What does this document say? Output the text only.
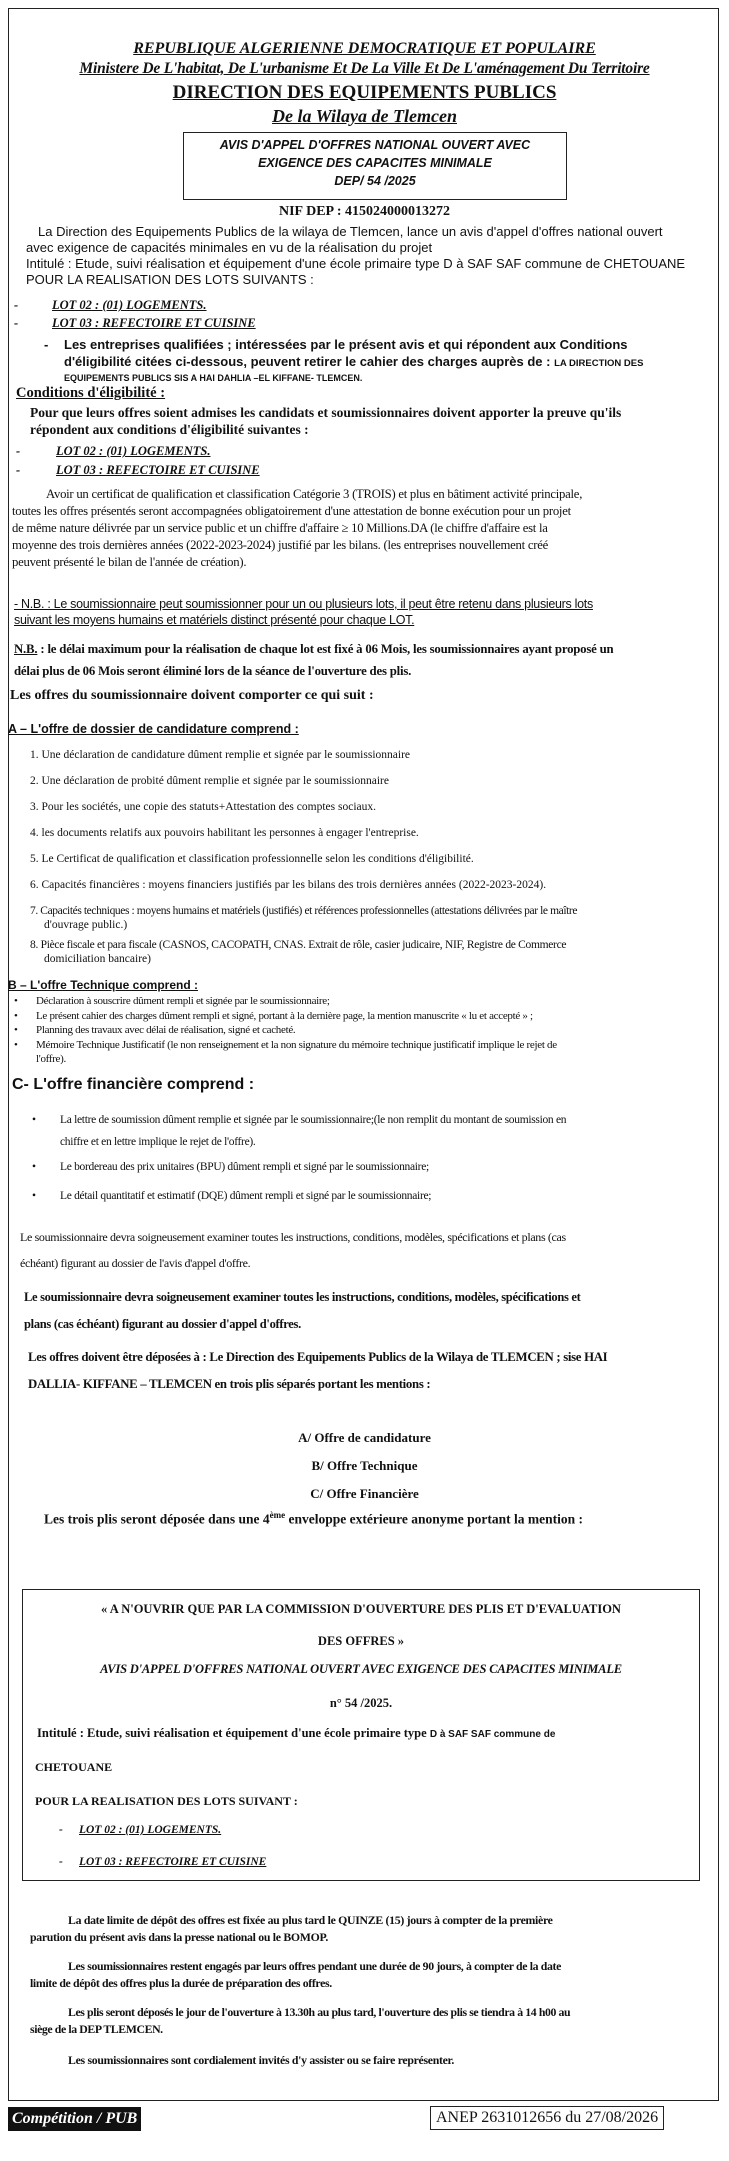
REPUBLIQUE ALGERIENNE DEMOCRATIQUE ET POPULAIRE
Ministere De L'habitat, De L'urbanisme Et De La Ville Et De L'aménagement Du Territoire
DIRECTION DES EQUIPEMENTS PUBLICS
De la Wilaya de Tlemcen
AVIS D'APPEL D'OFFRES NATIONAL OUVERT AVEC
EXIGENCE DES CAPACITES MINIMALE
DEP/ 54 /2025
NIF DEP : 415024000013272
La Direction des Equipements Publics de la wilaya de Tlemcen, lance un avis d'appel d'offres national ouvert
avec exigence de capacités minimales en vu de la réalisation du projet
Intitulé : Etude, suivi réalisation et équipement d'une école primaire type D à SAF SAF commune de CHETOUANE
POUR LA REALISATION DES LOTS SUIVANTS :
-	LOT 02 : (01) LOGEMENTS.
-	LOT 03 : REFECTOIRE ET CUISINE
- Les entreprises qualifiées ; intéressées par le présent avis et qui répondent aux Conditions
d'éligibilité citées ci-dessous, peuvent retirer le cahier des charges auprès de : LA DIRECTION DES
EQUIPEMENTS PUBLICS SIS A HAI DAHLIA –EL KIFFANE- TLEMCEN.
Conditions d'éligibilité :
Pour que leurs offres soient admises les candidats et soumissionnaires doivent apporter la preuve qu'ils
répondent aux conditions d'éligibilité suivantes :
-	LOT 02 : (01) LOGEMENTS.
-	LOT 03 : REFECTOIRE ET CUISINE
Avoir un certificat de qualification et classification Catégorie 3 (TROIS) et plus en bâtiment activité principale,
toutes les offres présentés seront accompagnées obligatoirement d'une attestation de bonne exécution pour un projet
de même nature délivrée par un service public et un chiffre d'affaire ≥ 10 Millions.DA (le chiffre d'affaire est la
moyenne des trois dernières années (2022-2023-2024) justifié par les bilans. (les entreprises nouvellement créé
peuvent présenté le bilan de l'année de création).
- N.B. : Le soumissionnaire peut soumissionner pour un ou plusieurs lots, il peut être retenu dans plusieurs lots
suivant les moyens humains et matériels distinct présenté pour chaque LOT.
N.B. : le délai maximum pour la réalisation de chaque lot est fixé à 06 Mois, les soumissionnaires ayant proposé un
délai plus de 06 Mois seront éliminé lors de la séance de l'ouverture des plis.
Les offres du soumissionnaire doivent comporter ce qui suit :
A – L'offre de dossier de candidature comprend :
1. Une déclaration de candidature dûment remplie et signée par le soumissionnaire
2. Une déclaration de probité dûment remplie et signée par le soumissionnaire
3. Pour les sociétés, une copie des statuts+Attestation des comptes sociaux.
4. les documents relatifs aux pouvoirs habilitant les personnes à engager l'entreprise.
5. Le Certificat de qualification et classification professionnelle selon les conditions d'éligibilité.
6. Capacités financières : moyens financiers justifiés par les bilans des trois dernières années (2022-2023-2024).
7. Capacités techniques : moyens humains et matériels (justifiés) et références professionnelles (attestations délivrées par le maître
d'ouvrage public.)
8. Pièce fiscale et para fiscale (CASNOS, CACOPATH, CNAS. Extrait de rôle, casier judicaire, NIF, Registre de Commerce
domiciliation bancaire)
B – L'offre Technique comprend :
• Déclaration à souscrire dûment rempli et signée par le soumissionnaire;
• Le présent cahier des charges dûment rempli et signé, portant à la dernière page, la mention manuscrite « lu et accepté » ;
• Planning des travaux avec délai de réalisation, signé et cacheté.
• Mémoire Technique Justificatif (le non renseignement et la non signature du mémoire technique justificatif implique le rejet de
l'offre).
C- L'offre financière comprend :
• La lettre de soumission dûment remplie et signée par le soumissionnaire;(le non remplit du montant de soumission en
chiffre et en lettre implique le rejet de l'offre).
• Le bordereau des prix unitaires (BPU) dûment rempli et signé par le soumissionnaire;
• Le détail quantitatif et estimatif (DQE) dûment rempli et signé par le soumissionnaire;
Le soumissionnaire devra soigneusement examiner toutes les instructions, conditions, modèles, spécifications et plans (cas
échéant) figurant au dossier de l'avis d'appel d'offre.
Le soumissionnaire devra soigneusement examiner toutes les instructions, conditions, modèles, spécifications et
plans (cas échéant) figurant au dossier d'appel d'offres.
Les offres doivent être déposées à : Le Direction des Equipements Publics de la Wilaya de TLEMCEN ; sise HAI
DALLIA- KIFFANE – TLEMCEN en trois plis séparés portant les mentions :
A/ Offre de candidature
B/ Offre Technique
C/ Offre Financière
Les trois plis seront déposée dans une 4ème enveloppe extérieure anonyme portant la mention :
« A N'OUVRIR QUE PAR LA COMMISSION D'OUVERTURE DES PLIS ET D'EVALUATION
DES OFFRES »
AVIS D'APPEL D'OFFRES NATIONAL OUVERT AVEC EXIGENCE DES CAPACITES MINIMALE
n° 54 /2025.
Intitulé : Etude, suivi réalisation et équipement d'une école primaire type D à SAF SAF commune de
CHETOUANE
POUR LA REALISATION DES LOTS SUIVANT :
- LOT 02 : (01) LOGEMENTS.
- LOT 03 : REFECTOIRE ET CUISINE
La date limite de dépôt des offres est fixée au plus tard le QUINZE (15) jours à compter de la première
parution du présent avis dans la presse national ou le BOMOP.
Les soumissionnaires restent engagés par leurs offres pendant une durée de 90 jours, à compter de la date
limite de dépôt des offres plus la durée de préparation des offres.
Les plis seront déposés le jour de l'ouverture à 13.30h au plus tard, l'ouverture des plis se tiendra à 14 h00 au
siège de la DEP TLEMCEN.
Les soumissionnaires sont cordialement invités d'y assister ou se faire représenter.
Compétition / PUB	ANEP 2631012656 du 27/08/2026
